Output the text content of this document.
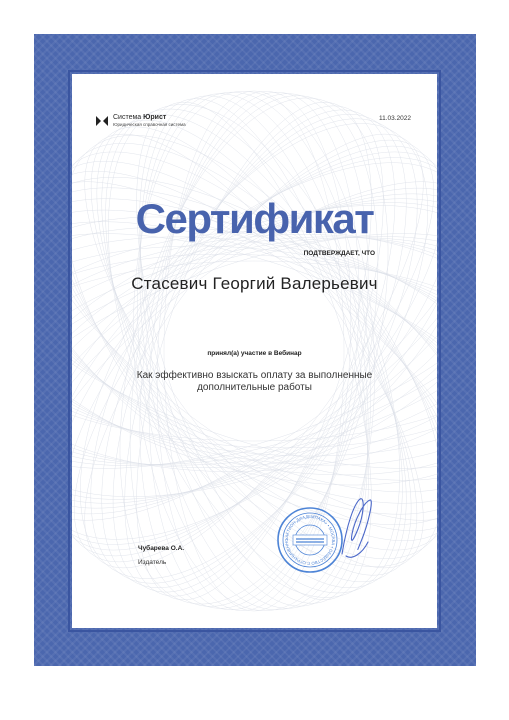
Система Юрист
Юридическая справочная система
11.03.2022
Сертификат
ПОДТВЕРЖДАЕТ, ЧТО
Стасевич Георгий Валерьевич
принял(а) участие в Вебинар
Как эффективно взыскать оплату за выполненные дополнительные работы
«АКТИОН-ДИАДЕМПАКА» • МОСКВА • ОБЩЕСТВО С ОГРАНИЧЕННО
Чубарева О.А.
Издатель
